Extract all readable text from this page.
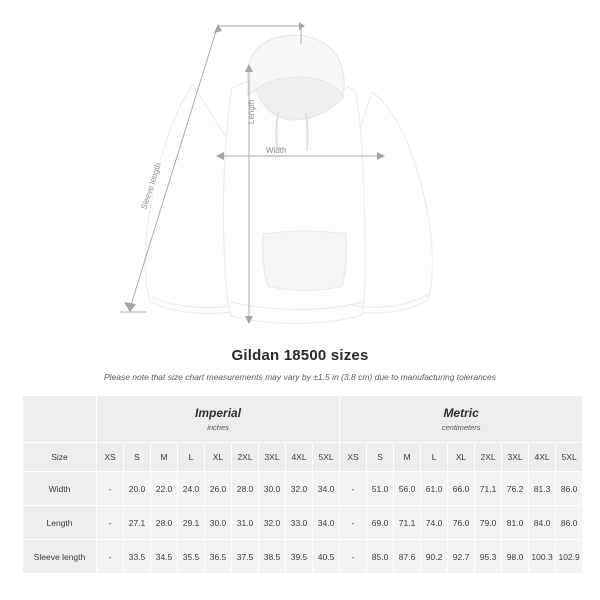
Length
Width
Sleeve length
Gildan 18500 sizes
Please note that size chart measurements may vary by ±1.5 in (3.8 cm) due to manufacturing tolerances

	Imperial
inches									Metric
centimeters								

Size	XS	S	M	L	XL	2XL	3XL	4XL	5XL	XS	S	M	L	XL	2XL	3XL	4XL	5XL
Width	-	20.0	22.0	24.0	26.0	28.0	30.0	32.0	34.0	-	51.0	56.0	61.0	66.0	71.1	76.2	81.3	86.0
Length	-	27.1	28.0	29.1	30.0	31.0	32.0	33.0	34.0	-	69.0	71.1	74.0	76.0	79.0	81.0	84.0	86.0
Sleeve length	-	33.5	34.5	35.5	36.5	37.5	38.5	39.5	40.5	-	85.0	87.6	90.2	92.7	95.3	98.0	100.3	102.9
